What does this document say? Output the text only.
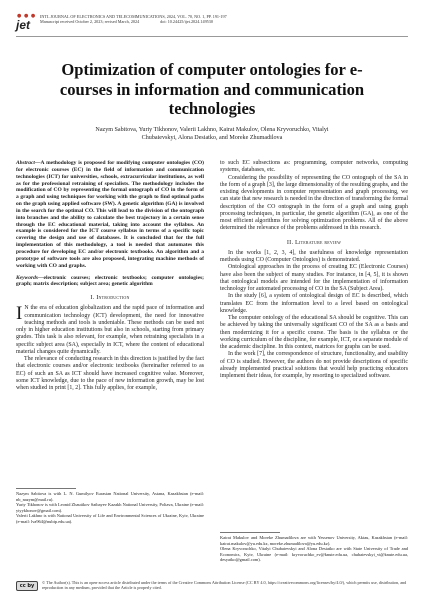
● ● ●
jet
INTL JOURNAL OF ELECTRONICS AND TELECOMMUNICATIONS, 2024, VOL. 70, NO. 1, PP. 191-197
Manuscript received October 2, 2023; revised March, 2024	doi: 10.24425/ijet.2024.149530
Optimization of computer ontologies for e-courses in information and communication technologies
Nazym Sabitova, Yuriy Tikhonov, Valerii Lakhno, Kairat Makulov, Olena Kryvoruchko, Vitalyi
Chubaievskyi, Alona Desiatko, and Moreke Zhumadilova

Abstract—A methodology is proposed for modifying computer ontologies (CO) for electronic courses (EC) in the field of information and communication technologies (ICT) for universities, schools, extracurricular institutions, as well as for the professional retraining of specialists. The methodology includes the modification of CO by representing the formal ontograph of CO in the form of a graph and using techniques for working with the graph to find optimal paths on the graph using applied software (SW). A genetic algorithm (GA) is involved in the search for the optimal CO. This will lead to the division of the ontograph into branches and the ability to calculate the best trajectory in a certain sense through the EC educational material, taking into account the syllabus. An example is considered for the ICT course syllabus in terms of a specific topic covering the design and use of databases. It is concluded that for the full implementation of this methodology, a tool is needed that automates this procedure for developing EC and/or electronic textbooks. An algorithm and a prototype of software tools are also proposed, integrating machine methods of working with CO and graphs.

Keywords—electronic courses; electronic textbooks; computer ontologies; graph; matrix description; subject area; genetic algorithm

I. Introduction

I N the era of education globalization and the rapid pace of information and communication technology (ICT) development, the need for innovative teaching methods and tools is undeniable. These methods can be used not only in higher education institutions but also in schools, starting from primary grades. This task is also relevant, for example, when retraining specialists in a specific subject area (SA), especially in ICT, where the content of educational material changes quite dynamically.

The relevance of conducting research in this direction is justified by the fact that electronic courses and/or electronic textbooks (hereinafter referred to as EC) of such an SA as ICT should have increased cognitive value. Moreover, some ICT knowledge, due to the pace of new information growth, may be lost when studied in print [1, 2]. This fully applies, for example,

Nazym Sabitova is with L. N. Gumilyov Eurasian National University, Astana, Kazakhstan (e-mail: nb_nazym@mail.ru).
Yuriy Tikhonov is with Leonid Zhautikov Satbayev Kazakh National University, Poltava, Ukraine (e-mail: ytyykhonov@gmail.com).
Valerii Lakhno is with National University of Life and Environmental Sciences of Ukraine, Kyiv, Ukraine (e-mail: lva964@nubip.edu.ua).

to such EC subsections as: programming, computer networks, computing systems, databases, etc.

Considering the possibility of representing the CO ontograph of the SA in the form of a graph [3], the large dimensionality of the resulting graphs, and the existing developments in computer representation and graph processing, we can state that new research is needed in the direction of transforming the formal description of the CO ontograph in the form of a graph and using graph processing techniques, in particular, the genetic algorithm (GA), as one of the most efficient algorithms for solving optimization problems. All of the above determined the relevance of the problems addressed in this research.

II. Literature review

In the works [1, 2, 3, 4], the usefulness of knowledge representation methods using CO (Computer Ontologies) is demonstrated.

Ontological approaches in the process of creating EC (Electronic Courses) have also been the subject of many studies. For instance, in [4, 5], it is shown that ontological models are intended for the implementation of information technology for automated processing of CO in the SA (Subject Area).

In the study [6], a system of ontological design of EC is described, which translates EC from the information level to a level based on ontological knowledge.

The computer ontology of the educational SA should be cognitive. This can be achieved by taking the universally significant CO of the SA as a basis and then modernizing it for a specific course. The basis is the syllabus or the working curriculum of the discipline, for example, ICT, or a separate module of the academic discipline. In this context, matrices for graphs can be used.

In the work [7], the correspondence of structure, functionality, and usability of CO is studied. However, the authors do not provide descriptions of specific already implemented practical solutions that would help practicing educators implement their ideas, for example, by resorting to specialized software.

Kairat Makulov and Moreke Zhumadilova are with Yessenov University, Aktau, Kazakhstan (e-mail: kairat.makulov@yu.edu.kz, moreke.zhumadilova@yu.edu.kz).
Olena Kryvoruchko, Vitalyi Chubaievskyi and Alona Desiatko are with State University of Trade and Economics, Kyiv, Ukraine (e-mail: kryvoruchko_ev@knute.edu.ua, chubaievskyi_vi@knute.edu.ua, desyatko@gmail.com).
cc by
© The Author(s). This is an open-access article distributed under the terms of the Creative Commons Attribution License (CC BY 4.0, https://creativecommons.org/licenses/by/4.0/), which permits use, distribution, and reproduction in any medium, provided that the Article is properly cited.
